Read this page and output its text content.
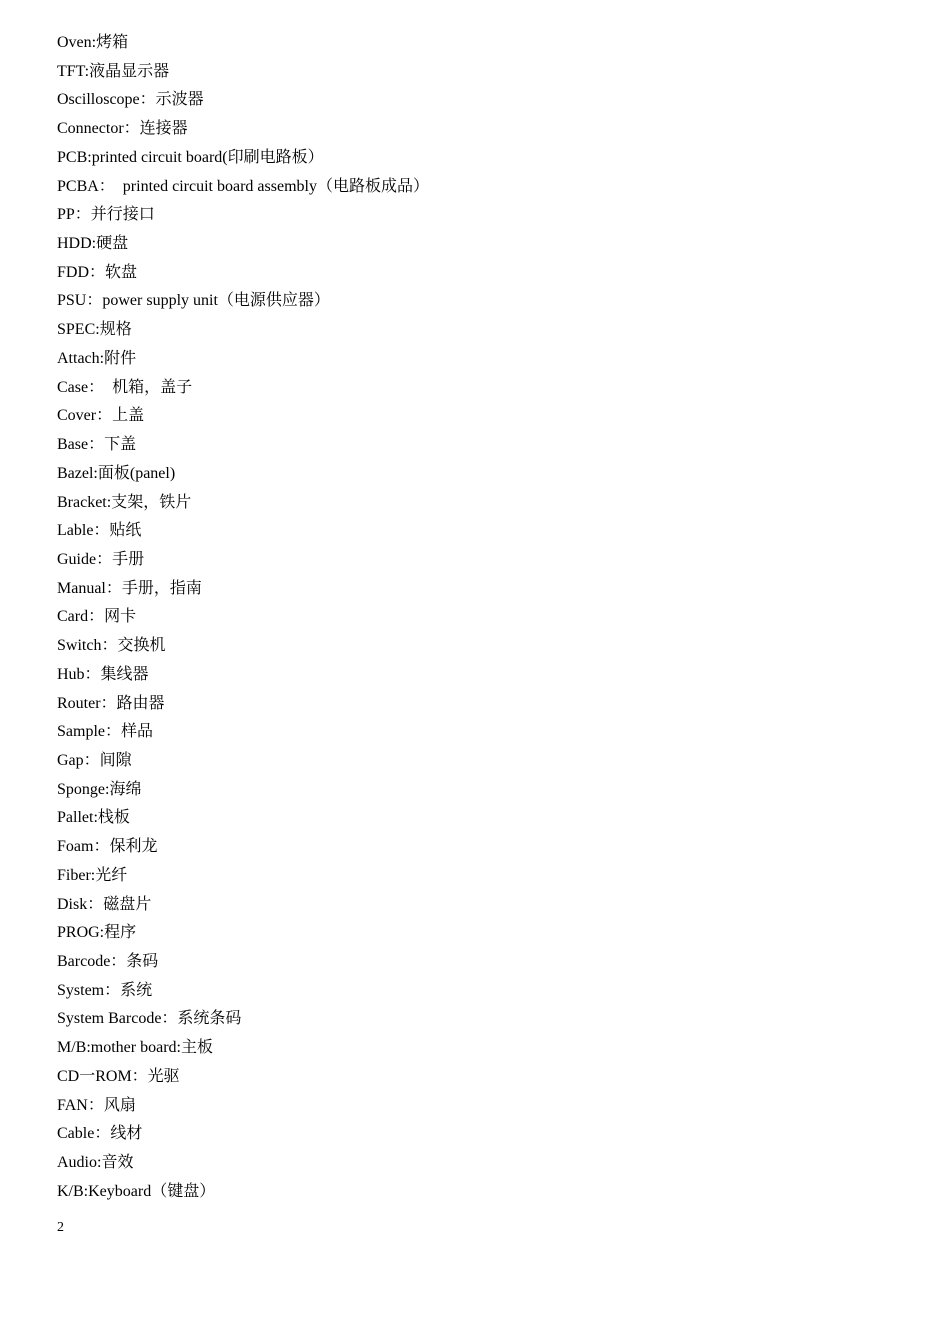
Oven:烤箱
TFT:液晶显示器
Oscilloscope：示波器
Connector：连接器
PCB:printed circuit board(印刷电路板）
PCBA：  printed circuit board assembly（电路板成品）
PP：并行接口
HDD:硬盘
FDD：软盘
PSU：power supply unit（电源供应器）
SPEC:规格
Attach:附件
Case：  机箱，盖子
Cover：上盖
Base：下盖
Bazel:面板(panel)
Bracket:支架，铁片
Lable：贴纸
Guide：手册
Manual：手册，指南
Card：网卡
Switch：交换机
Hub：集线器
Router：路由器
Sample：样品
Gap：间隙
Sponge:海绵
Pallet:栈板
Foam：保利龙
Fiber:光纤
Disk：磁盘片
PROG:程序
Barcode：条码
System：系统
System Barcode：系统条码
M/B:mother board:主板
CD一ROM：光驱
FAN：风扇
Cable：线材
Audio:音效
K/B:Keyboard（键盘）
2
